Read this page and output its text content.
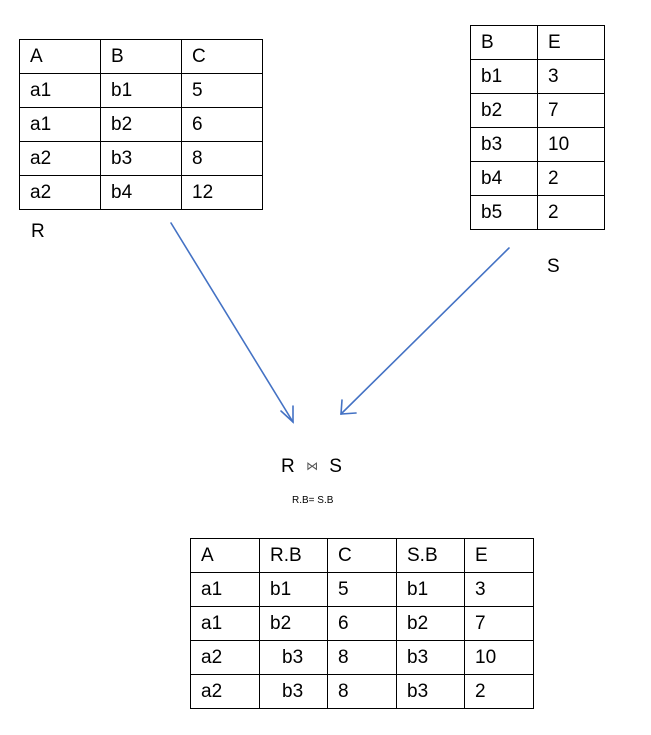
A	B	C
a1	b1	5
a1	b2	6
a2	b3	8
a2	b4	12
R
B	E
b1	3
b2	7
b3	10
b4	2
b5	2
S
R ⋈ S
R.B= S.B
A	R.B	C	S.B	E
a1	b1	5	b1	3
a1	b2	6	b2	7
a2	b3	8	b3	10
a2	b3	8	b3	2
